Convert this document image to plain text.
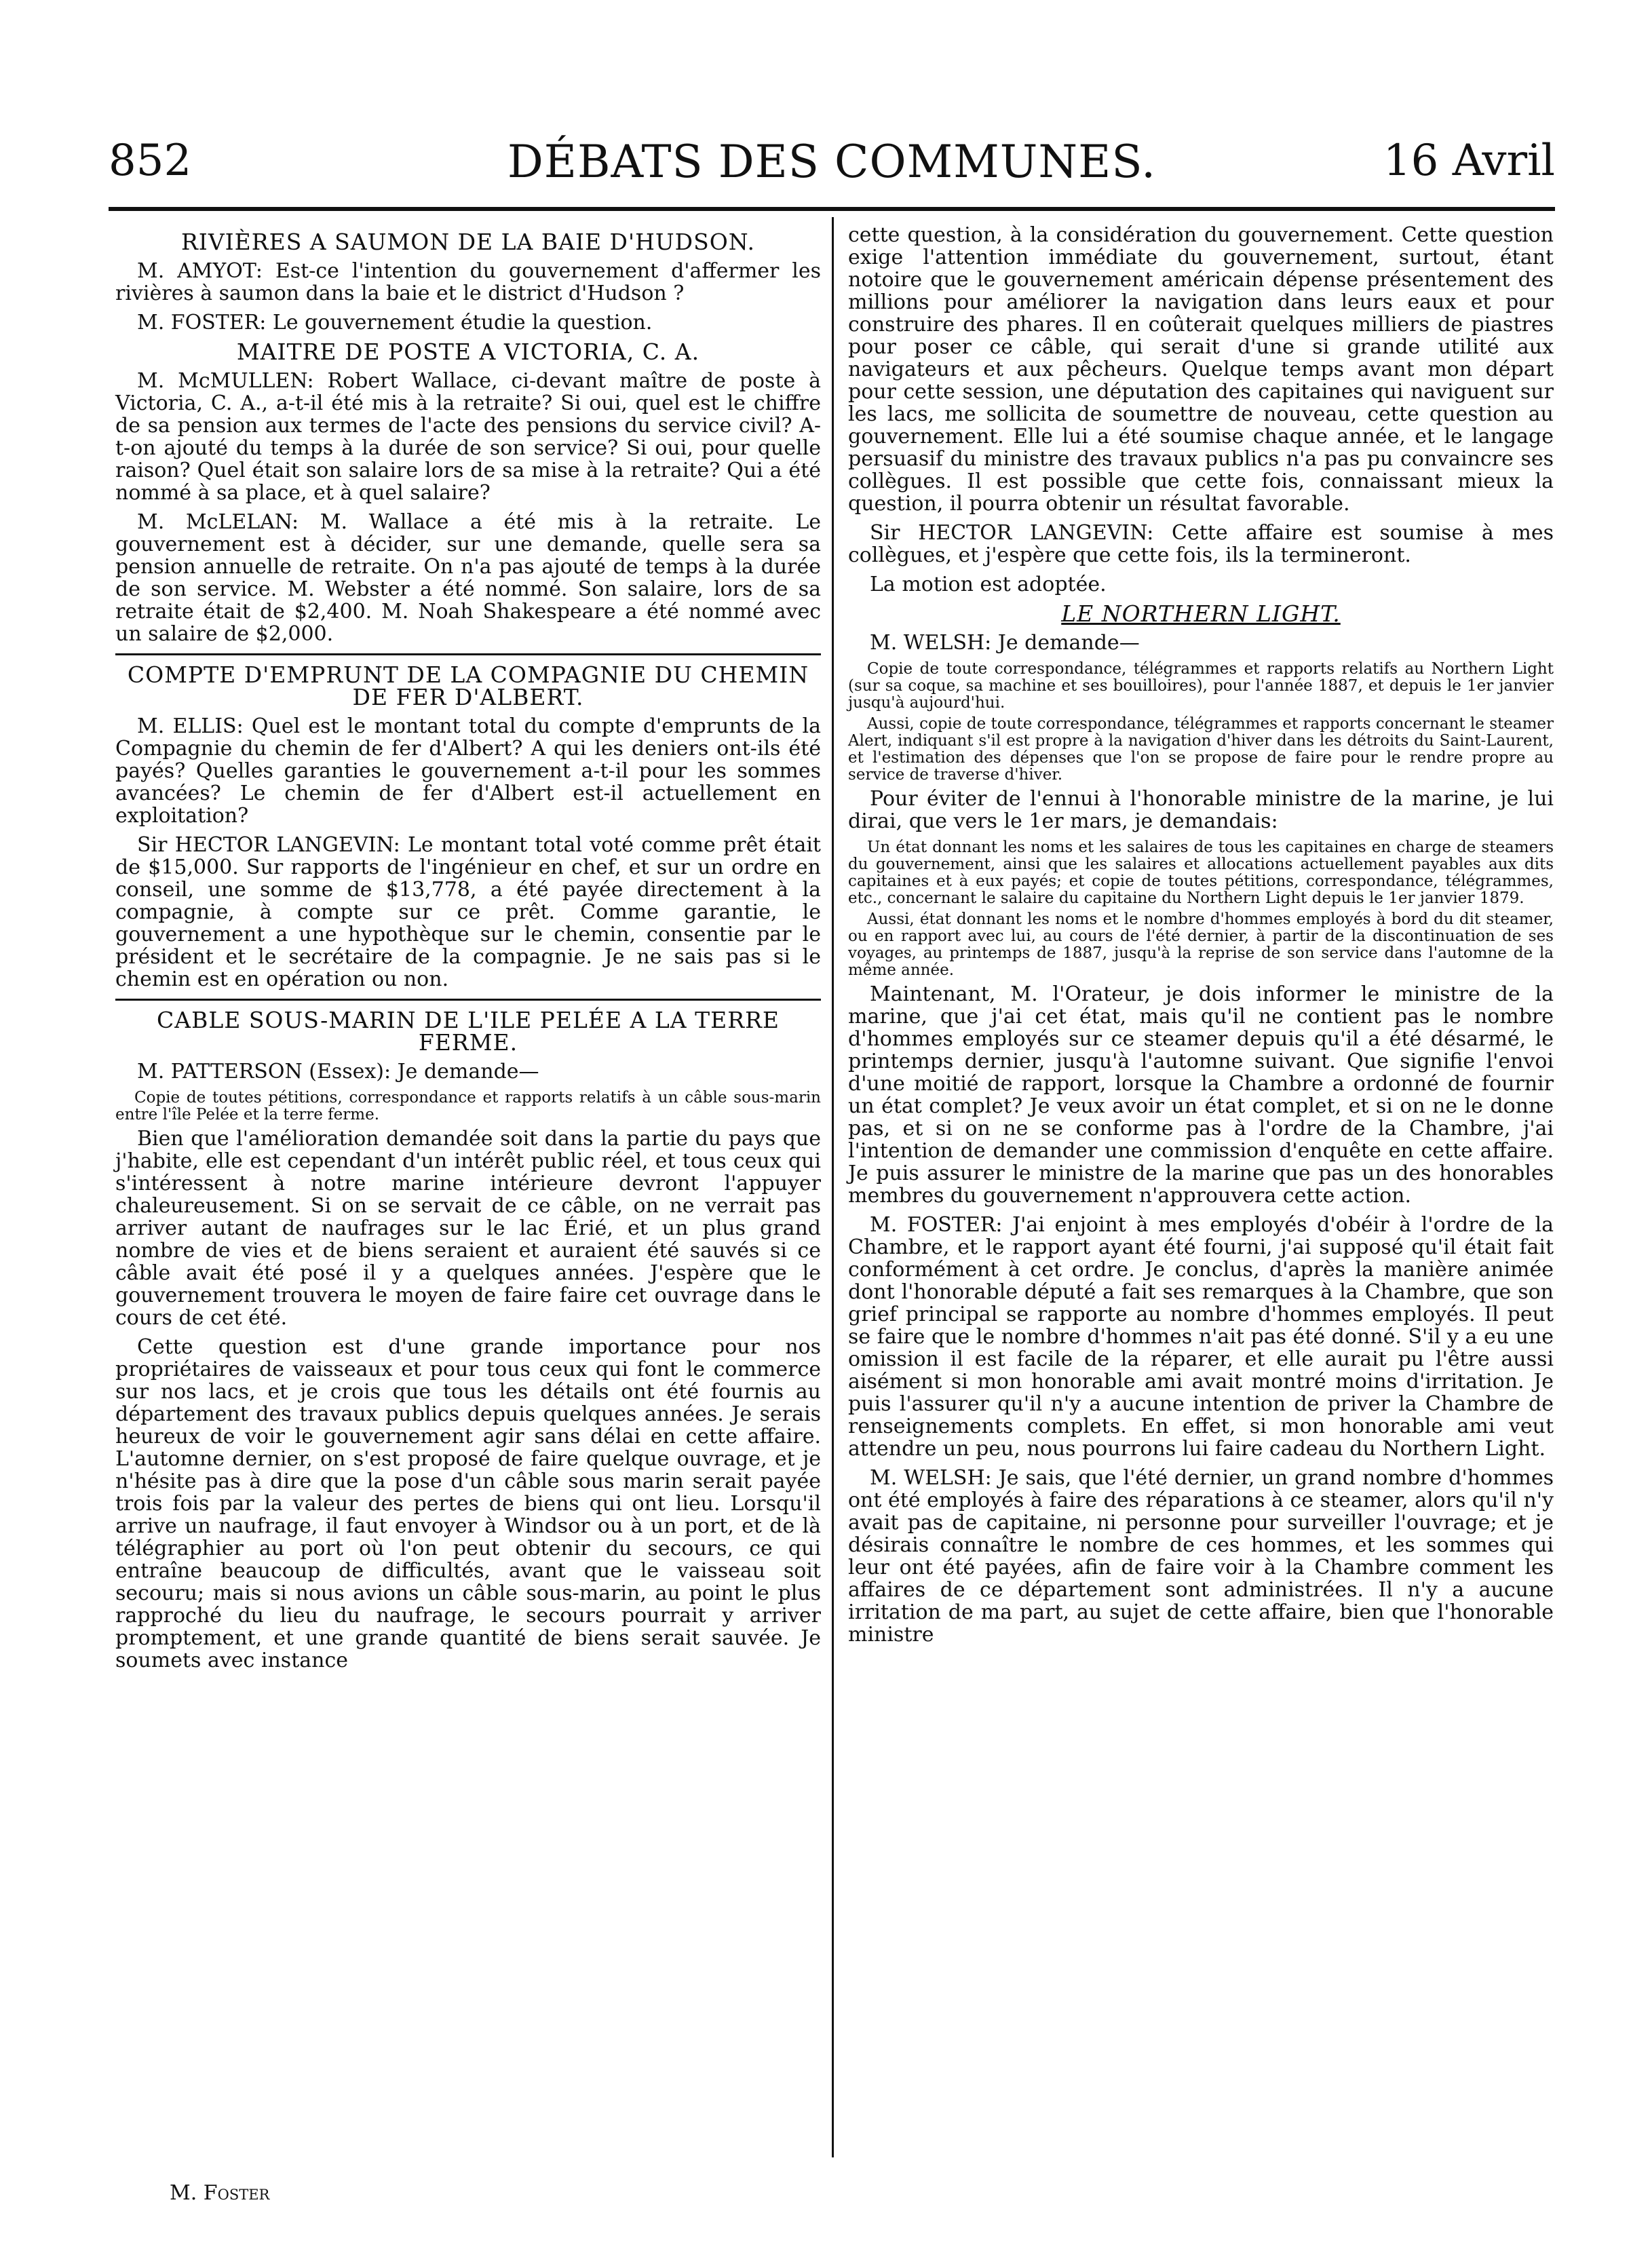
852	DÉBATS DES COMMUNES.	16 Avril
RIVIÈRES A SAUMON DE LA BAIE D'HUDSON.

M. AMYOT: Est-ce l'intention du gouvernement d'affermer les rivières à saumon dans la baie et le district d'Hudson ?

M. FOSTER: Le gouvernement étudie la question.

MAITRE DE POSTE A VICTORIA, C. A.

M. McMULLEN: Robert Wallace, ci-devant maître de poste à Victoria, C. A., a-t-il été mis à la retraite? Si oui, quel est le chiffre de sa pension aux termes de l'acte des pensions du service civil? A-t-on ajouté du temps à la durée de son service? Si oui, pour quelle raison? Quel était son salaire lors de sa mise à la retraite? Qui a été nommé à sa place, et à quel salaire?

M. McLELAN: M. Wallace a été mis à la retraite. Le gouvernement est à décider, sur une demande, quelle sera sa pension annuelle de retraite. On n'a pas ajouté de temps à la durée de son service. M. Webster a été nommé. Son salaire, lors de sa retraite était de $2,400. M. Noah Shakespeare a été nommé avec un salaire de $2,000.

COMPTE D'EMPRUNT DE LA COMPAGNIE DU CHEMIN DE FER D'ALBERT.

M. ELLIS: Quel est le montant total du compte d'emprunts de la Compagnie du chemin de fer d'Albert? A qui les deniers ont-ils été payés? Quelles garanties le gouvernement a-t-il pour les sommes avancées? Le chemin de fer d'Albert est-il actuellement en exploitation?

Sir HECTOR LANGEVIN: Le montant total voté comme prêt était de $15,000. Sur rapports de l'ingénieur en chef, et sur un ordre en conseil, une somme de $13,778, a été payée directement à la compagnie, à compte sur ce prêt. Comme garantie, le gouvernement a une hypothèque sur le chemin, consentie par le président et le secrétaire de la compagnie. Je ne sais pas si le chemin est en opération ou non.

CABLE SOUS-MARIN DE L'ILE PELÉE A LA TERRE FERME.

M. PATTERSON (Essex): Je demande—

Copie de toutes pétitions, correspondance et rapports relatifs à un câble sous-marin entre l'île Pelée et la terre ferme.

Bien que l'amélioration demandée soit dans la partie du pays que j'habite, elle est cependant d'un intérêt public réel, et tous ceux qui s'intéressent à notre marine intérieure devront l'appuyer chaleureusement. Si on se servait de ce câble, on ne verrait pas arriver autant de naufrages sur le lac Érié, et un plus grand nombre de vies et de biens seraient et auraient été sauvés si ce câble avait été posé il y a quelques années. J'espère que le gouvernement trouvera le moyen de faire faire cet ouvrage dans le cours de cet été.

Cette question est d'une grande importance pour nos propriétaires de vaisseaux et pour tous ceux qui font le commerce sur nos lacs, et je crois que tous les détails ont été fournis au département des travaux publics depuis quelques années. Je serais heureux de voir le gouvernement agir sans délai en cette affaire. L'automne dernier, on s'est proposé de faire quelque ouvrage, et je n'hésite pas à dire que la pose d'un câble sous marin serait payée trois fois par la valeur des pertes de biens qui ont lieu. Lorsqu'il arrive un naufrage, il faut envoyer à Windsor ou à un port, et de là télégraphier au port où l'on peut obtenir du secours, ce qui entraîne beaucoup de difficultés, avant que le vaisseau soit secouru; mais si nous avions un câble sous-marin, au point le plus rapproché du lieu du naufrage, le secours pourrait y arriver promptement, et une grande quantité de biens serait sauvée. Je soumets avec instance

cette question, à la considération du gouvernement. Cette question exige l'attention immédiate du gouvernement, surtout, étant notoire que le gouvernement américain dépense présentement des millions pour améliorer la navigation dans leurs eaux et pour construire des phares. Il en coûterait quelques milliers de piastres pour poser ce câble, qui serait d'une si grande utilité aux navigateurs et aux pêcheurs. Quelque temps avant mon départ pour cette session, une députation des capitaines qui naviguent sur les lacs, me sollicita de soumettre de nouveau, cette question au gouvernement. Elle lui a été soumise chaque année, et le langage persuasif du ministre des travaux publics n'a pas pu convaincre ses collègues. Il est possible que cette fois, connaissant mieux la question, il pourra obtenir un résultat favorable.

Sir HECTOR LANGEVIN: Cette affaire est soumise à mes collègues, et j'espère que cette fois, ils la termineront.

La motion est adoptée.

LE NORTHERN LIGHT.

M. WELSH: Je demande—

Copie de toute correspondance, télégrammes et rapports relatifs au Northern Light (sur sa coque, sa machine et ses bouilloires), pour l'année 1887, et depuis le 1er janvier jusqu'à aujourd'hui.

Aussi, copie de toute correspondance, télégrammes et rapports concernant le steamer Alert, indiquant s'il est propre à la navigation d'hiver dans les détroits du Saint-Laurent, et l'estimation des dépenses que l'on se propose de faire pour le rendre propre au service de traverse d'hiver.

Pour éviter de l'ennui à l'honorable ministre de la marine, je lui dirai, que vers le 1er mars, je demandais:

Un état donnant les noms et les salaires de tous les capitaines en charge de steamers du gouvernement, ainsi que les salaires et allocations actuellement payables aux dits capitaines et à eux payés; et copie de toutes pétitions, correspondance, télégrammes, etc., concernant le salaire du capitaine du Northern Light depuis le 1er janvier 1879.

Aussi, état donnant les noms et le nombre d'hommes employés à bord du dit steamer, ou en rapport avec lui, au cours de l'été dernier, à partir de la discontinuation de ses voyages, au printemps de 1887, jusqu'à la reprise de son service dans l'automne de la même année.

Maintenant, M. l'Orateur, je dois informer le ministre de la marine, que j'ai cet état, mais qu'il ne contient pas le nombre d'hommes employés sur ce steamer depuis qu'il a été désarmé, le printemps dernier, jusqu'à l'automne suivant. Que signifie l'envoi d'une moitié de rapport, lorsque la Chambre a ordonné de fournir un état complet? Je veux avoir un état complet, et si on ne le donne pas, et si on ne se conforme pas à l'ordre de la Chambre, j'ai l'intention de demander une commission d'enquête en cette affaire. Je puis assurer le ministre de la marine que pas un des honorables membres du gouvernement n'approuvera cette action.

M. FOSTER: J'ai enjoint à mes employés d'obéir à l'ordre de la Chambre, et le rapport ayant été fourni, j'ai supposé qu'il était fait conformément à cet ordre. Je conclus, d'après la manière animée dont l'honorable député a fait ses remarques à la Chambre, que son grief principal se rapporte au nombre d'hommes employés. Il peut se faire que le nombre d'hommes n'ait pas été donné. S'il y a eu une omission il est facile de la réparer, et elle aurait pu l'être aussi aisément si mon honorable ami avait montré moins d'irritation. Je puis l'assurer qu'il n'y a aucune intention de priver la Chambre de renseignements complets. En effet, si mon honorable ami veut attendre un peu, nous pourrons lui faire cadeau du Northern Light.

M. WELSH: Je sais, que l'été dernier, un grand nombre d'hommes ont été employés à faire des réparations à ce steamer, alors qu'il n'y avait pas de capitaine, ni personne pour surveiller l'ouvrage; et je désirais connaître le nombre de ces hommes, et les sommes qui leur ont été payées, afin de faire voir à la Chambre comment les affaires de ce département sont administrées. Il n'y a aucune irritation de ma part, au sujet de cette affaire, bien que l'honorable ministre

M. Foster
